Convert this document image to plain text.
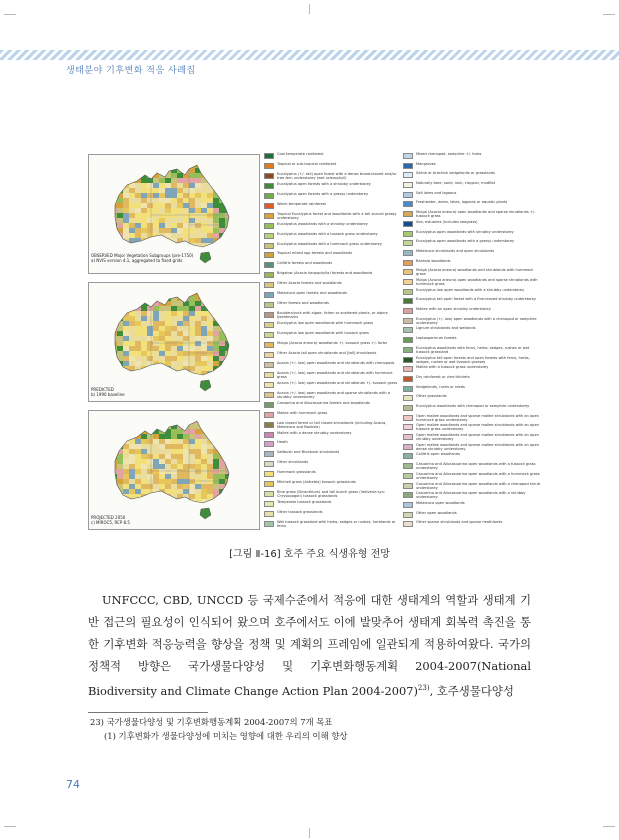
생태분야 기후변화 적응 사례집
OBSERVED Major Vegetation Subgroups (pre-1750)
a) NVIS version 4.1, aggregated to fixed grids
PREDICTED
b) 1990 baseline
PROJECTED 2050
c) MIROC5, RCP 8.5
Cool temperate rainforest
Tropical or sub-tropical rainforest
Eucalyptus (+/- tall) open forest with a dense broad-leaved and/or tree-fern understorey (wet sclerophyll)
Eucalyptus open forests with a shrubby understorey
Eucalyptus open forests with a grassy understorey
Warm temperate rainforest
Tropical Eucalyptus forest and woodlands with a tall annual grassy understorey
Eucalyptus woodlands with a shrubby understorey
Eucalyptus woodlands with a tussock grass understorey
Eucalyptus woodlands with a hummock grass understorey
Tropical mixed spp forests and woodlands
Callitris forests and woodlands
Brigalow (Acacia harpophylla) forests and woodlands
Other Acacia forests and woodlands
Melaleuca open forests and woodlands
Other forests and woodlands
Boulders/rock with algae, lichen or scattered plants, or alpine fjaeldmarks
Eucalyptus low open woodlands with hummock grass
Eucalyptus low open woodlands with tussock grass
Mulga (Acacia aneura) woodlands +/- tussock grass +/- forbs
Other Acacia tall open shrublands and [tall] shrublands
Acacia (+/- low) open woodlands and shrublands with chenopods
Acacia (+/- low) open woodlands and shrublands with hummock grass
Acacia (+/- low) open woodlands and shrublands +/- tussock grass
Acacia (+/- low) open woodlands and sparse shrublands with a shrubby understorey
Casuarina and Allocasuarina forests and woodlands
Mallee with hummock grass
Low closed forest or tall closed shrublands (including Acacia, Melaleuca and Banksia)
Mallee with a dense shrubby understorey
Heath
Saltbush and Bluebush shrublands
Other shrublands
Hummock grasslands
Mitchell grass (Astrebla) tussock grasslands
Blue grass (Dicanthium) and tall bunch grass (Vetiveria syn: Chrysopogon) tussock grasslands
Temperate tussock grasslands
Other tussock grasslands
Wet tussock grassland with herbs, sedges or rushes, herblands or ferns
Mixed chenopod, samphire +/- forbs
Mangroves
Saline or brackish sedgelands or grasslands
Naturally bare, sand, rock, claypan, mudflat
Salt lakes and lagoons
Freshwater, dams, lakes, lagoons or aquatic plants
Mulga (Acacia aneura) open woodlands and sparse shrublands +/- tussock grass
Sea, estuaries (includes seagrass)
Eucalyptus open woodlands with shrubby understorey
Eucalyptus open woodlands with a grassy understorey
Melaleuca shrublands and open shrublands
Banksia woodlands
Mulga (Acacia aneura) woodlands and shrublands with hummock grass
Mulga (Acacia aneura) open woodlands and sparse shrublands with hummock grass
Eucalyptus low open woodlands with a shrubby understorey
Eucalyptus tall open forest with a fine-leaved shrubby understorey
Mallee with an open shrubby understorey
Eucalyptus (+/- low) open woodlands with a chenopod or samphire understorey
Lignum shrublands and wetlands
Leptospermum forests
Eucalyptus woodlands with ferns, herbs, sedges, rushes or wet tussock grassland
Eucalyptus tall open forests and open forests with ferns, herbs, sedges, rushes or wet tussock grasses
Mallee with a tussock grass understorey
Dry rainforest or vine thickets
Sedgelands, rushs or reeds
Other grasslands
Eucalyptus woodlands with chenopod or samphire understorey
Open mallee woodlands and sparse mallee shrublands with an open hummock grass understorey
Open mallee woodlands and sparse mallee shrublands with an open tussock grass understorey
Open mallee woodlands and sparse mallee shrublands with an open shrubby understorey
Open mallee woodlands and sparse mallee shrublands with an open dense shrubby understorey
Callitris open woodlands
Casuarina and Allocasuarina open woodlands with a tussock grass understorey
Casuarina and Allocasuarina open woodlands with a hummock grass understorey
Casuarina and Allocasuarina open woodlands with a chenopod shrub understorey
Casuarina and Allocasuarina open woodlands with a shrubby understorey
Melaleuca open woodlands
Other open woodlands
Other sparse shrublands and sparse heathlands
[그림 Ⅱ-16] 호주 주요 식생유형 전망

UNFCCC, CBD, UNCCD 등 국제수준에서 적응에 대한 생태계의 역할과 생태계 기반 접근의 필요성이 인식되어 왔으며 호주에서도 이에 발맞추어 생태계 회복력 촉진을 통한 기후변화 적응능력을 향상을 정책 및 계획의 프레임에 일관되게 적용하여왔다. 국가의 정책적 방향은 국가생물다양성 및 기후변화행동계획 2004-2007(National Biodiversity and Climate Change Action Plan 2004-2007)$^{23)}$, 호주생물다양성

23) 국가생물다양성 및 기후변화행동계획 2004-2007의 7개 목표
(1) 기후변화가 생물다양성에 미치는 영향에 대한 우리의 이해 향상
74
